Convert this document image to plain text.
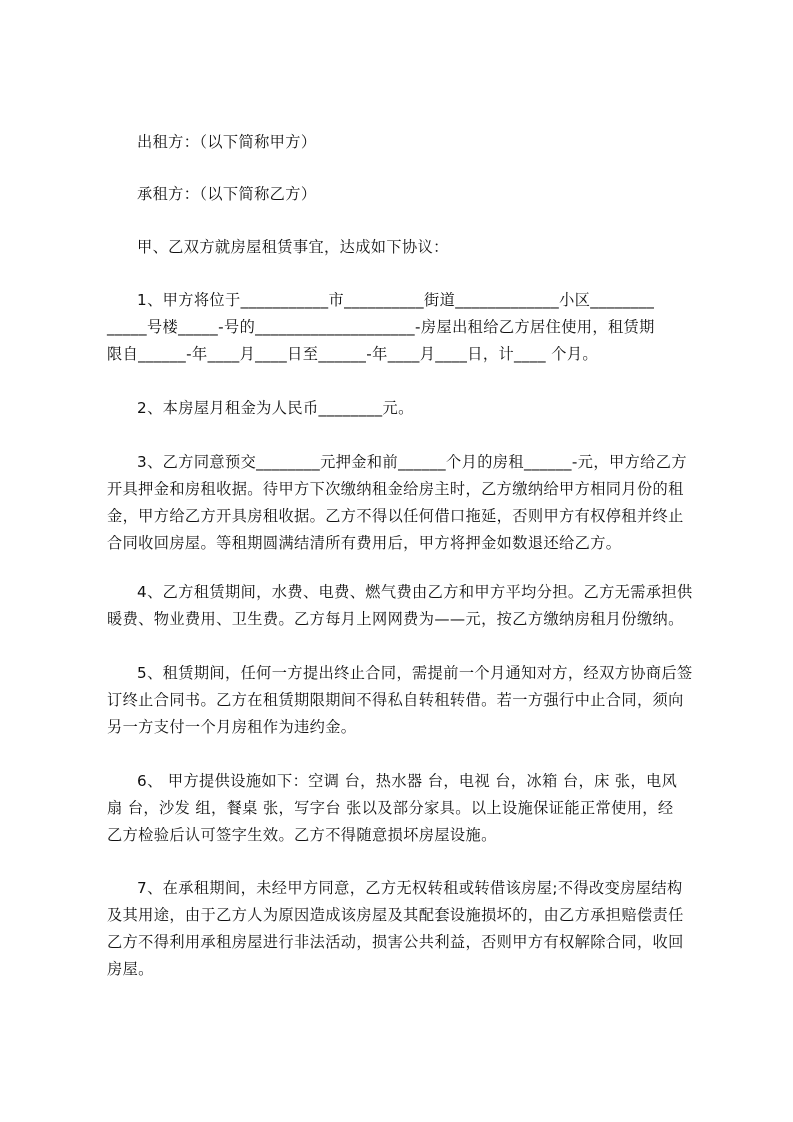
出租方：（以下简称甲方）
承租方：（以下简称乙方）
甲、乙双方就房屋租赁事宜，达成如下协议：
1、甲方将位于___________市__________街道_____________小区________
_____号楼_____-号的____________________-房屋出租给乙方居住使用，租赁期
限自______-年____月____日至______-年____月____日，计____ 个月。
2、本房屋月租金为人民币________元。
3、乙方同意预交________元押金和前______个月的房租______-元，甲方给乙方
开具押金和房租收据。待甲方下次缴纳租金给房主时，乙方缴纳给甲方相同月份的租
金，甲方给乙方开具房租收据。乙方不得以任何借口拖延，否则甲方有权停租并终止
合同收回房屋。等租期圆满结清所有费用后，甲方将押金如数退还给乙方。
4、乙方租赁期间，水费、电费、燃气费由乙方和甲方平均分担。乙方无需承担供
暖费、物业费用、卫生费。乙方每月上网网费为——元，按乙方缴纳房租月份缴纳。
5、租赁期间，任何一方提出终止合同，需提前一个月通知对方，经双方协商后签
订终止合同书。乙方在租赁期限期间不得私自转租转借。若一方强行中止合同，须向
另一方支付一个月房租作为违约金。
6、 甲方提供设施如下：空调 台，热水器 台，电视 台，冰箱 台，床 张，电风
扇 台，沙发 组，餐桌 张，写字台 张以及部分家具。以上设施保证能正常使用，经
乙方检验后认可签字生效。乙方不得随意损坏房屋设施。
7、在承租期间，未经甲方同意，乙方无权转租或转借该房屋;不得改变房屋结构
及其用途，由于乙方人为原因造成该房屋及其配套设施损坏的，由乙方承担赔偿责任
乙方不得利用承租房屋进行非法活动，损害公共利益，否则甲方有权解除合同，收回
房屋。
